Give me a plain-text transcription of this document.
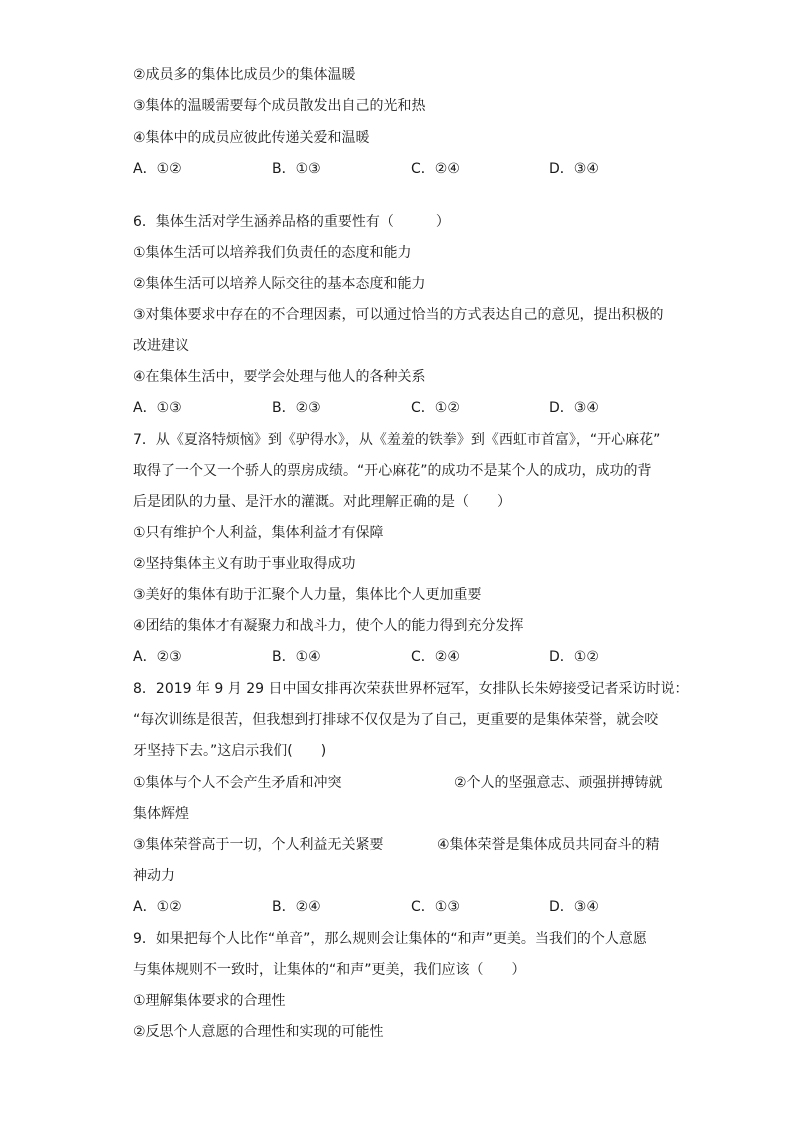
②成员多的集体比成员少的集体温暖
③集体的温暖需要每个成员散发出自己的光和热
④集体中的成员应彼此传递关爱和温暖
A．①②	B．①③	C．②④	D．③④
6．集体生活对学生涵养品格的重要性有（　　　）
①集体生活可以培养我们负责任的态度和能力
②集体生活可以培养人际交往的基本态度和能力
③对集体要求中存在的不合理因素，可以通过恰当的方式表达自己的意见，提出积极的
改进建议
④在集体生活中，要学会处理与他人的各种关系
A．①③	B．②③	C．①②	D．③④
7．从《夏洛特烦恼》到《驴得水》，从《羞羞的铁拳》到《西虹市首富》，“开心麻花”
取得了一个又一个骄人的票房成绩。“开心麻花”的成功不是某个人的成功，成功的背
后是团队的力量、是汗水的灌溉。对此理解正确的是（　　）
①只有维护个人利益，集体利益才有保障
②坚持集体主义有助于事业取得成功
③美好的集体有助于汇聚个人力量，集体比个人更加重要
④团结的集体才有凝聚力和战斗力，使个人的能力得到充分发挥
A．②③	B．①④	C．②④	D．①②
8．2019 年 9 月 29 日中国女排再次荣获世界杯冠军，女排队长朱婷接受记者采访时说：
“每次训练是很苦，但我想到打排球不仅仅是为了自己，更重要的是集体荣誉，就会咬
牙坚持下去。”这启示我们(　　)
①集体与个人不会产生矛盾和冲突	②个人的坚强意志、顽强拼搏铸就
集体辉煌
③集体荣誉高于一切，个人利益无关紧要	④集体荣誉是集体成员共同奋斗的精
神动力
A．①②	B．②④	C．①③	D．③④
9．如果把每个人比作“单音”，那么规则会让集体的“和声”更美。当我们的个人意愿
与集体规则不一致时，让集体的“和声”更美，我们应该（　　）
①理解集体要求的合理性
②反思个人意愿的合理性和实现的可能性
